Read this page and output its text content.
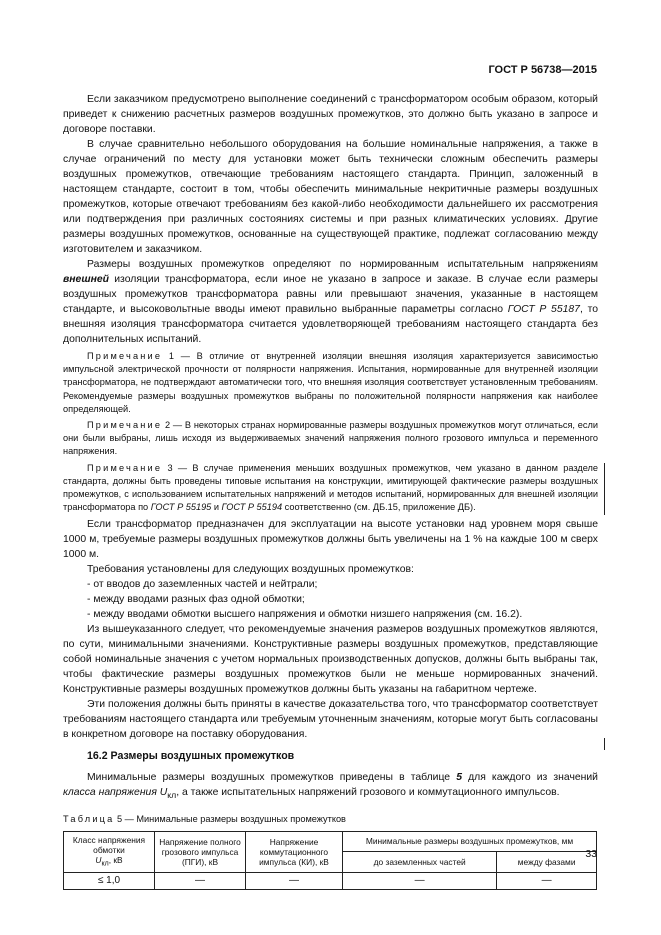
ГОСТ Р 56738—2015

Если заказчиком предусмотрено выполнение соединений с трансформатором особым образом, который приведет к снижению расчетных размеров воздушных промежутков, это должно быть указано в запросе и договоре поставки.

В случае сравнительно небольшого оборудования на большие номинальные напряжения, а также в случае ограничений по месту для установки может быть технически сложным обеспечить размеры воздушных промежутков, отвечающие требованиям настоящего стандарта. Принцип, заложенный в настоящем стандарте, состоит в том, чтобы обеспечить минимальные некритичные размеры воздушных промежутков, которые отвечают требованиям без какой-либо необходимости дальнейшего их рассмотрения или подтверждения при различных состояниях системы и при разных климатических условиях. Другие размеры воздушных промежутков, основанные на существующей практике, подлежат согласованию между изготовителем и заказчиком.

Размеры воздушных промежутков определяют по нормированным испытательным напряжениям внешней изоляции трансформатора, если иное не указано в запросе и заказе. В случае если размеры воздушных промежутков трансформатора равны или превышают значения, указанные в настоящем стандарте, и высоковольтные вводы имеют правильно выбранные параметры согласно ГОСТ Р 55187, то внешняя изоляция трансформатора считается удовлетворяющей требованиям настоящего стандарта без дополнительных испытаний.

Примечание 1 — В отличие от внутренней изоляции внешняя изоляция характеризуется зависимостью импульсной электрической прочности от полярности напряжения. Испытания, нормированные для внутренней изоляции трансформатора, не подтверждают автоматически того, что внешняя изоляция соответствует установленным требованиям. Рекомендуемые размеры воздушных промежутков выбраны по положительной полярности напряжения как наиболее определяющей.

Примечание 2 — В некоторых странах нормированные размеры воздушных промежутков могут отличаться, если они были выбраны, лишь исходя из выдерживаемых значений напряжения полного грозового импульса и переменного напряжения.

Примечание 3 — В случае применения меньших воздушных промежутков, чем указано в данном разделе стандарта, должны быть проведены типовые испытания на конструкции, имитирующей фактические размеры воздушных промежутков, с использованием испытательных напряжений и методов испытаний, нормированных для внешней изоляции трансформатора по ГОСТ Р 55195 и ГОСТ Р 55194 соответственно (см. ДБ.15, приложение ДБ).

Если трансформатор предназначен для эксплуатации на высоте установки над уровнем моря свыше 1000 м, требуемые размеры воздушных промежутков должны быть увеличены на 1 % на каждые 100 м сверх 1000 м.

Требования установлены для следующих воздушных промежутков:

- от вводов до заземленных частей и нейтрали;
- между вводами разных фаз одной обмотки;
- между вводами обмотки высшего напряжения и обмотки низшего напряжения (см. 16.2).

Из вышеуказанного следует, что рекомендуемые значения размеров воздушных промежутков являются, по сути, минимальными значениями. Конструктивные размеры воздушных промежутков, представляющие собой номинальные значения с учетом нормальных производственных допусков, должны быть выбраны так, чтобы фактические размеры воздушных промежутков были не меньше нормированных значений. Конструктивные размеры воздушных промежутков должны быть указаны на габаритном чертеже.

Эти положения должны быть приняты в качестве доказательства того, что трансформатор соответствует требованиям настоящего стандарта или требуемым уточненным значениям, которые могут быть согласованы в конкретном договоре на поставку оборудования.

16.2 Размеры воздушных промежутков

Минимальные размеры воздушных промежутков приведены в таблице 5 для каждого из значений класса напряжения $U_{кл}$, а также испытательных напряжений грозового и коммутационного импульсов.

Таблица 5 — Минимальные размеры воздушных промежутков
Класс напряжения обмотки
$U_{кл}$, кВ	Напряжение полного грозового импульса (ПГИ), кВ	Напряжение коммутационного импульса (КИ), кВ	Минимальные размеры воздушных промежутков, мм	
			до заземленных частей	между фазами
≤ 1,0	—	—	—	—
33
